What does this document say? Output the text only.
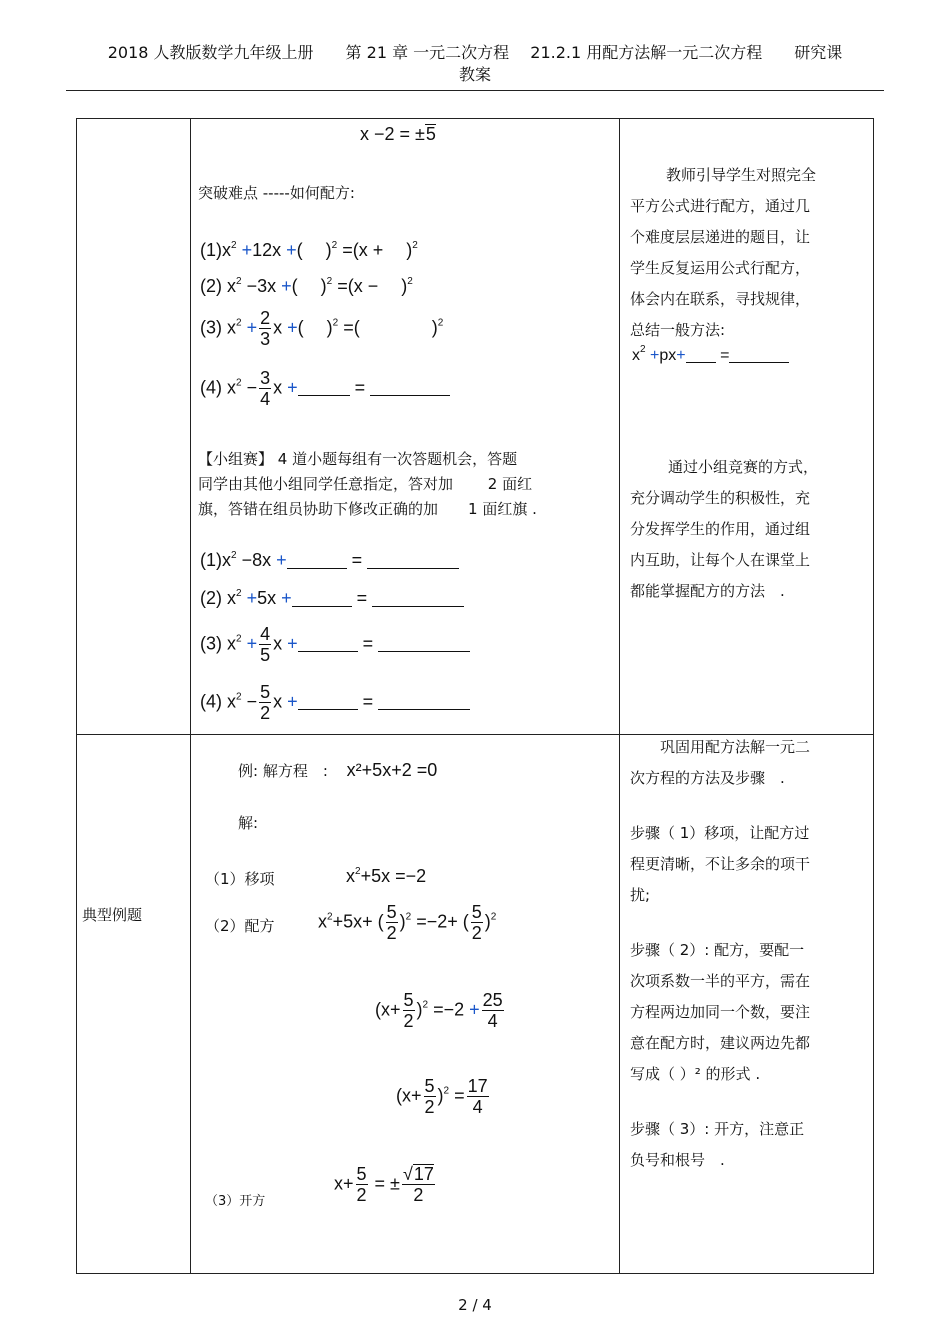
2018 人教版数学九年级上册　　第 21 章 一元二次方程　 21.2.1 用配方法解一元二次方程　　研究课
教案
x −2 = ±5
突破难点 -----如何配方:
$(1)x^2 +12x$ +(　 )$^2$ =(x +　 )$^2$
(2) $x^2 -3x$ +(　 )$^2$ =(x −　 )$^2$
(3) $x^2 + \frac{2}{3}$ x +(　 )$^2$ =(　　　　)$^2$
(4) $x^2 - \frac{3}{4}$ x +	=
【小组赛】 4 道小题每组有一次答题机会，答题
同学由其他小组同学任意指定，答对加　　 2 面红
旗，答错在组员协助下修改正确的加　　1 面红旗 .
$(1)x^2 -8x$ +	=
(2) $x^2 +5x$ +	=
(3) $x^2 + \frac{4}{5}$ x +	=
(4) $x^2 - \frac{5}{2}$ x +	=
教师引导学生对照完全
平方公式进行配方，通过几
个难度层层递进的题目，让
学生反复运用公式行配方，
体会内在联系，寻找规律，
总结一般方法:
$x^2 +px+$ =
通过小组竞赛的方式，
充分调动学生的积极性，充
分发挥学生的作用，通过组
内互助，让每个人在课堂上
都能掌握配方的方法　.
典型例题
例: 解方程　: x²+5x+2 =0
解:
（1）移项	$x^2+5x =-2$
（2）配方 $x^2+5x+$ ( $\frac{5}{2} )^2 =-2+$ ( $\frac{5}{2} )^2$
$(x+ \frac{5}{2} )^2 =-2 + \frac{25}{4}$
$(x+ \frac{5}{2} )^2 = \frac{17}{4}$
（3）开方
$x+ \frac{5}{2}$ = ± $\frac{√17}{2}$
　　巩固用配方法解一元二
次方程的方法及步骤　.
步骤（ 1）移项，让配方过
程更清晰，不让多余的项干
扰;
步骤（ 2）: 配方，要配一
次项系数一半的平方，需在
方程两边加同一个数，要注
意在配方时，建议两边先都
写成（ ）² 的形式 .
步骤（ 3）: 开方，注意正
负号和根号　.
2 / 4
